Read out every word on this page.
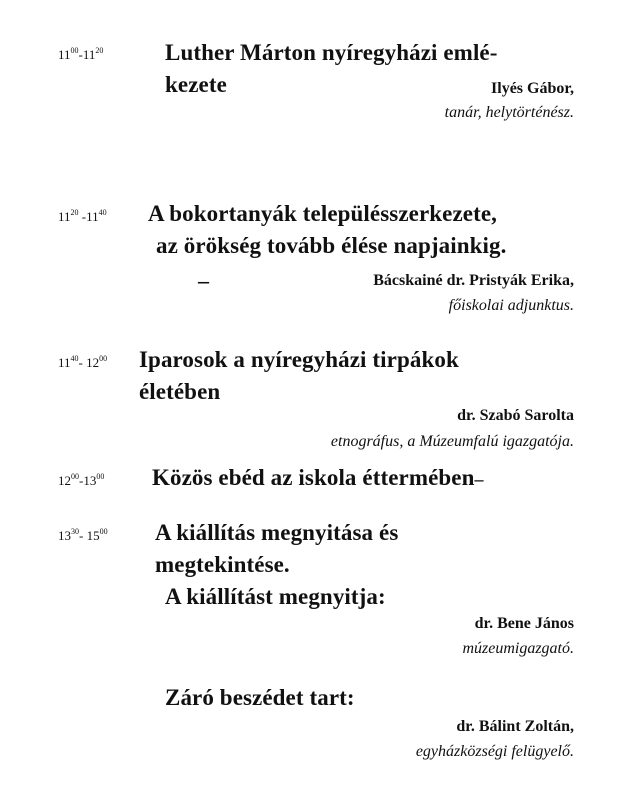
$11^{00}-11^{20}$	Luther Márton nyíregyházi emlé-
kezete	Ilyés Gábor,
tanár, helytörténész.
$11^{20}$ $-11^{40}$ A bokortanyák településszerkezete,
az örökség tovább élése napjainkig.
–	Bácskainé dr. Pristyák Erika,
főiskolai adjunktus.
$11^{40}-$ $12^{00}$ Iparosok a nyíregyházi tirpákok
életében
dr. Szabó Sarolta
etnográfus, a Múzeumfalú igazgatója.
$12^{00}-13^{00}$ Közös ebéd az iskola éttermében–
$13^{30}-$ $15^{00}$ A kiállítás megnyitása és
megtekintése.
A kiállítást megnyitja:
dr. Bene János
múzeumigazgató.
Záró beszédet tart:
dr. Bálint Zoltán,
egyházközségi felügyelő.
